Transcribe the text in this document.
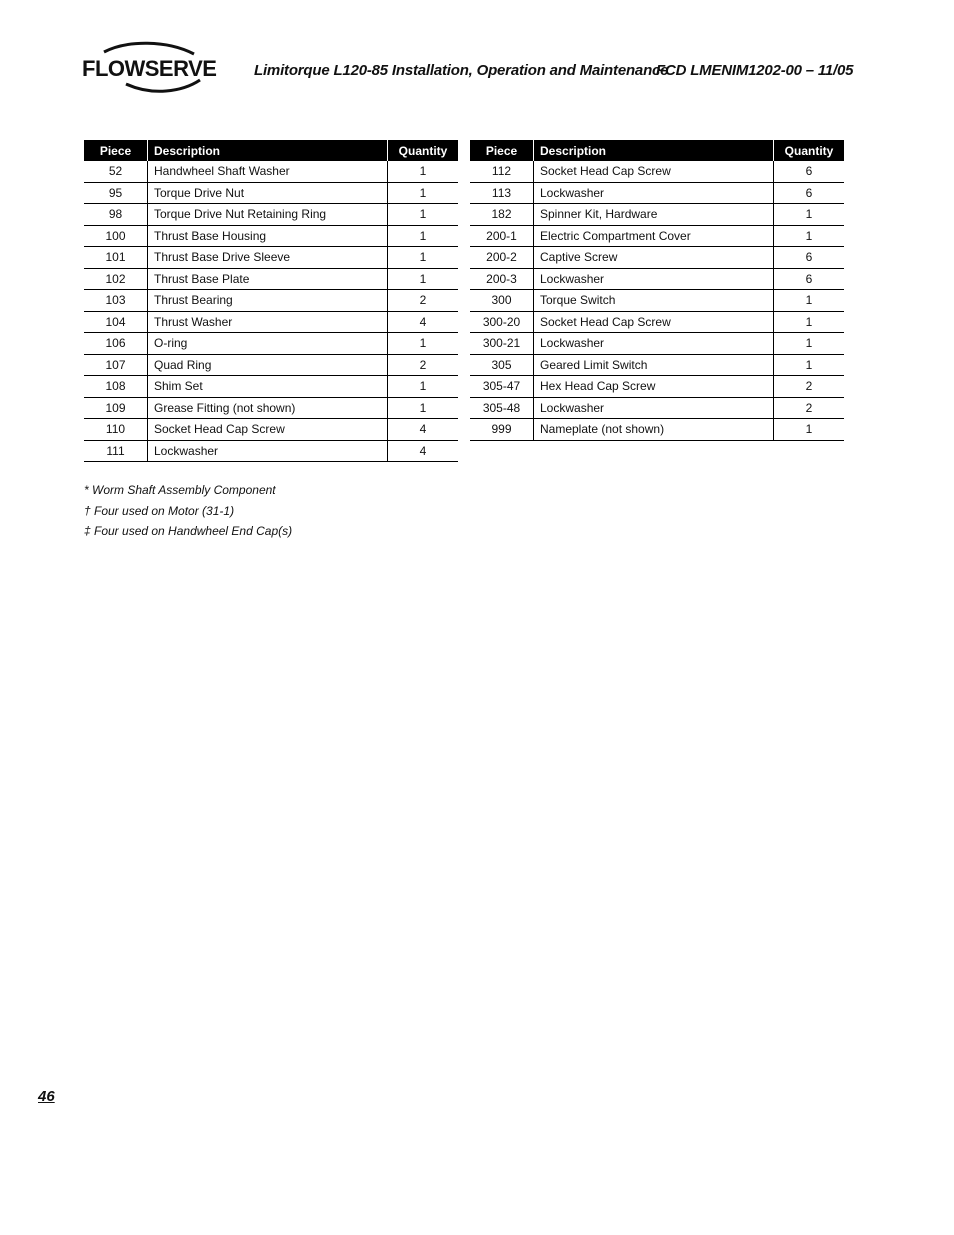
FLOWSERVE	Limitorque L120-85 Installation, Operation and Maintenance
FCD LMENIM1202-00 – 11/05
Piece	Description	Quantity
52	Handwheel Shaft Washer	1
95	Torque Drive Nut	1
98	Torque Drive Nut Retaining Ring	1
100	Thrust Base Housing	1
101	Thrust Base Drive Sleeve	1
102	Thrust Base Plate	1
103	Thrust Bearing	2
104	Thrust Washer	4
106	O-ring	1
107	Quad Ring	2
108	Shim Set	1
109	Grease Fitting (not shown)	1
110	Socket Head Cap Screw	4
111	Lockwasher	4
Piece	Description	Quantity
112	Socket Head Cap Screw	6
113	Lockwasher	6
182	Spinner Kit, Hardware	1
200-1	Electric Compartment Cover	1
200-2	Captive Screw	6
200-3	Lockwasher	6
300	Torque Switch	1
300-20	Socket Head Cap Screw	1
300-21	Lockwasher	1
305	Geared Limit Switch	1
305-47	Hex Head Cap Screw	2
305-48	Lockwasher	2
999	Nameplate (not shown)	1
* Worm Shaft Assembly Component
† Four used on Motor (31-1)
‡ Four used on Handwheel End Cap(s)
46
